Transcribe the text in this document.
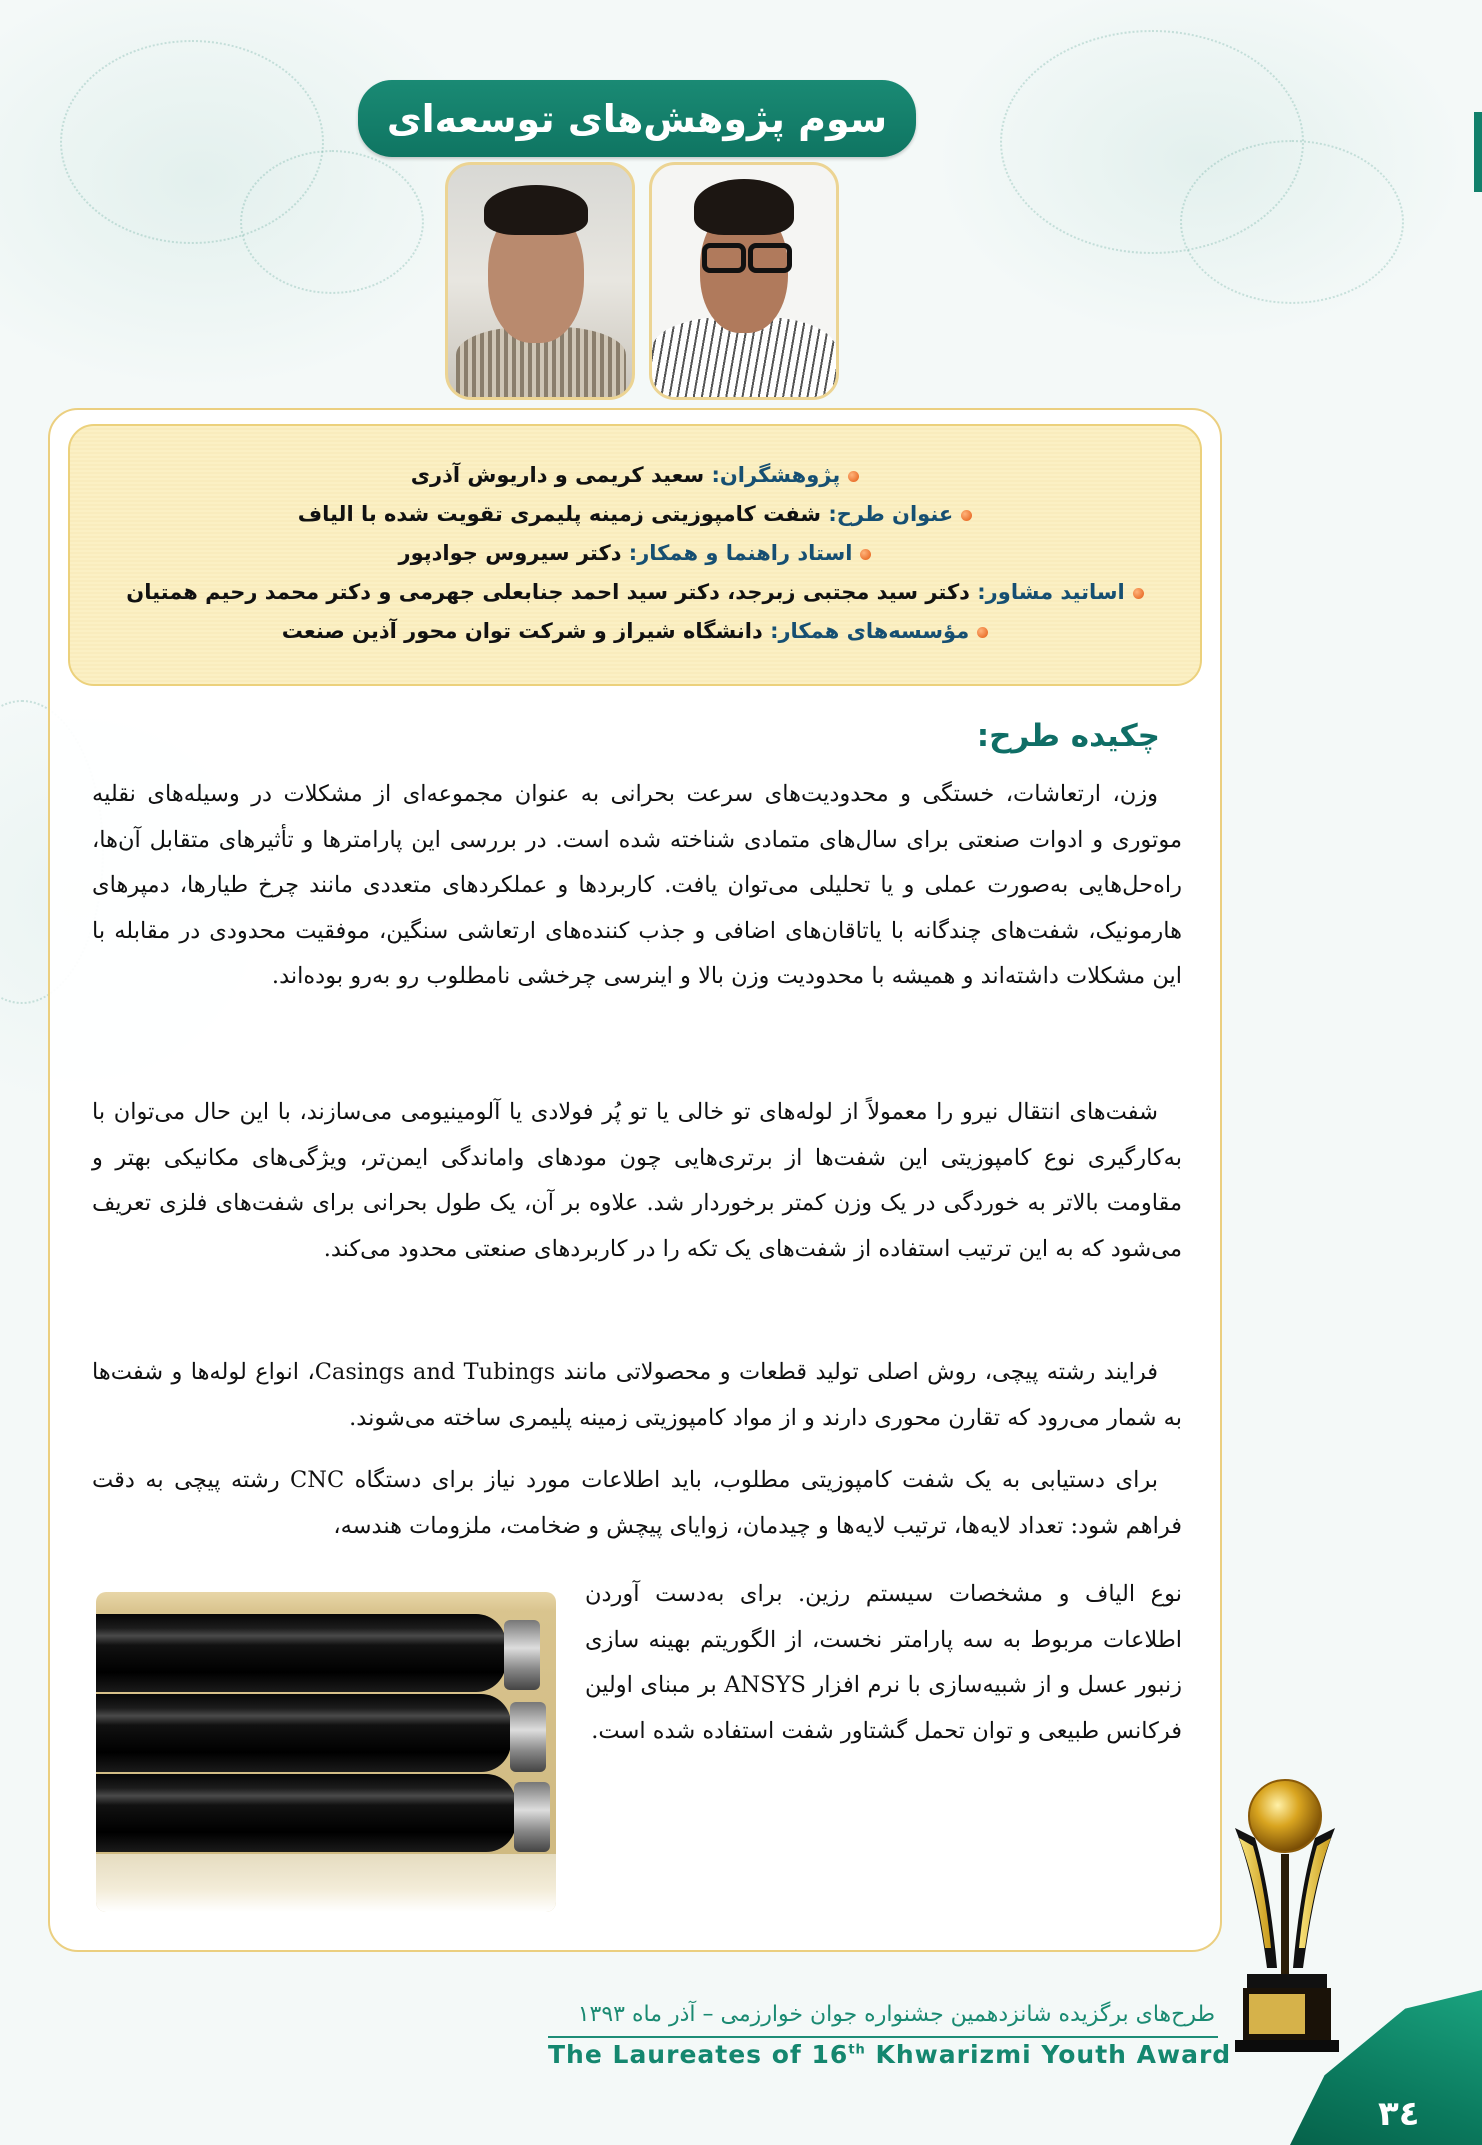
سوم پژوهش‌های توسعه‌ای
پژوهشگران: سعید کریمی و داریوش آذری
عنوان طرح: شفت کامپوزیتی زمینه پلیمری تقویت شده با الیاف
استاد راهنما و همکار: دکتر سیروس جوادپور
اساتید مشاور: دکتر سید مجتبی زبرجد، دکتر سید احمد جنابعلی جهرمی و دکتر محمد رحیم همتیان
مؤسسه‌های همکار: دانشگاه شیراز و شرکت توان محور آذین صنعت
چکیده طرح:

وزن، ارتعاشات، خستگی و محدودیت‌های سرعت بحرانی به عنوان مجموعه‌ای از مشکلات در وسیله‌های نقلیه موتوری و ادوات صنعتی برای سال‌های متمادی شناخته شده است. در بررسی این پارامترها و تأثیرهای متقابل آن‌ها، راه‌حل‌هایی به‌صورت عملی و یا تحلیلی می‌توان یافت. کاربردها و عملکردهای متعددی مانند چرخ طیارها، دمپرهای هارمونیک، شفت‌های چندگانه با یاتاقان‌های اضافی و جذب کننده‌های ارتعاشی سنگین، موفقیت محدودی در مقابله با این مشکلات داشته‌اند و همیشه با محدودیت وزن بالا و اینرسی چرخشی نامطلوب رو به‌رو بوده‌اند.

شفت‌های انتقال نیرو را معمولاً از لوله‌های تو خالی یا تو پُر فولادی یا آلومینیومی می‌سازند، با این حال می‌توان با به‌کارگیری نوع کامپوزیتی این شفت‌ها از برتری‌هایی چون مودهای واماندگی ایمن‌تر، ویژگی‌های مکانیکی بهتر و مقاومت بالاتر به خوردگی در یک وزن کمتر برخوردار شد. علاوه بر آن، یک طول بحرانی برای شفت‌های فلزی تعریف می‌شود که به این ترتیب استفاده از شفت‌های یک تکه را در کاربردهای صنعتی محدود می‌کند.

فرایند رشته پیچی، روش اصلی تولید قطعات و محصولاتی مانند Casings and Tubings، انواع لوله‌ها و شفت‌ها به شمار می‌رود که تقارن محوری دارند و از مواد کامپوزیتی زمینه پلیمری ساخته می‌شوند.

برای دستیابی به یک شفت کامپوزیتی مطلوب، باید اطلاعات مورد نیاز برای دستگاه CNC رشته پیچی به دقت فراهم شود: تعداد لایه‌ها، ترتیب لایه‌ها و چیدمان، زوایای پیچش و ضخامت، ملزومات هندسه،

نوع الیاف و مشخصات سیستم رزین. برای به‌دست آوردن اطلاعات مربوط به سه پارامتر نخست، از الگوریتم بهینه سازی زنبور عسل و از شبیه‌سازی با نرم افزار ANSYS بر مبنای اولین فرکانس طبیعی و توان تحمل گشتاور شفت استفاده شده است.

طرح‌های برگزیده شانزدهمین جشنواره جوان خوارزمی – آذر ماه ۱۳۹۳
The Laureates of 16th Khwarizmi Youth Award
٣٤
